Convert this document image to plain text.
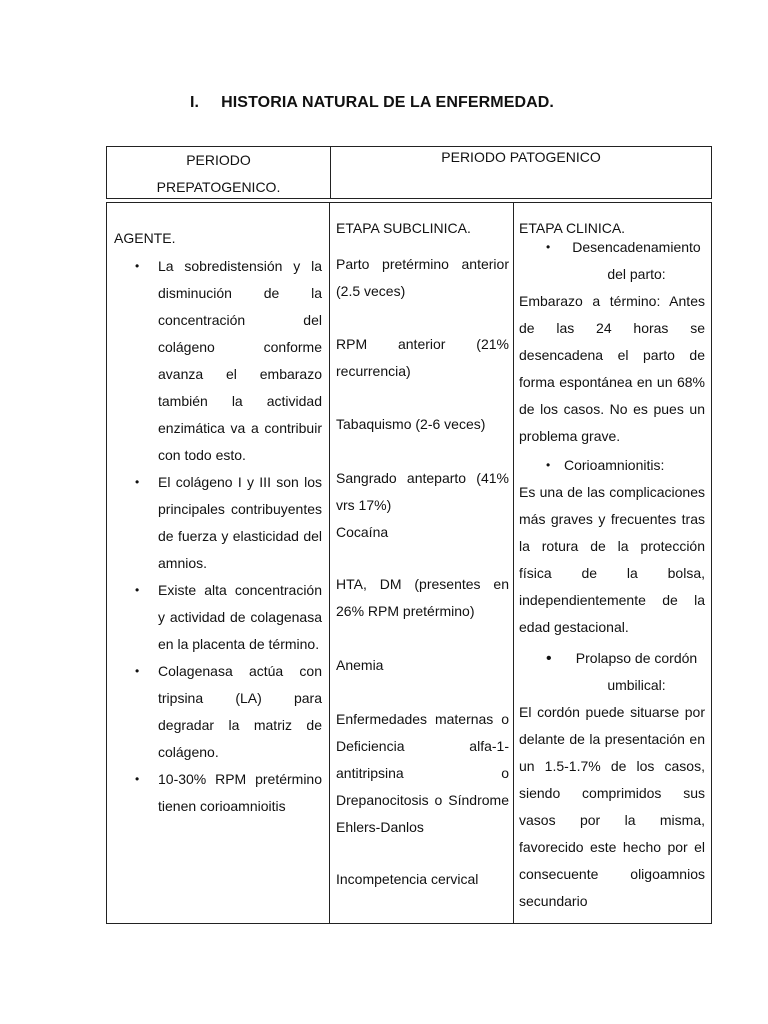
I. HISTORIA NATURAL DE LA ENFERMEDAD.
PERIODO
PREPATOGENICO.
PERIODO PATOGENICO
AGENTE.
• La sobredistensión y la disminución de la concentración del colágeno conforme avanza el embarazo también la actividad enzimática va a contribuir con todo esto.
• El colágeno I y III son los principales contribuyentes de fuerza y elasticidad del amnios.
• Existe alta concentración y actividad de colagenasa en la placenta de término.
• Colagenasa actúa con tripsina (LA) para degradar la matriz de colágeno.
• 10-30% RPM pretérmino tienen corioamnioitis
ETAPA SUBCLINICA.
Parto pretérmino anterior (2.5 veces)
RPM anterior (21% recurrencia)
Tabaquismo (2-6 veces)
Sangrado anteparto (41% vrs 17%)
Cocaína
HTA, DM (presentes en 26% RPM pretérmino)
Anemia
Enfermedades maternas o Deficiencia alfa-1-antitripsina o Drepanocitosis o Síndrome Ehlers-Danlos
Incompetencia cervical
ETAPA CLINICA.
•	Desencadenamiento del parto:
Embarazo a término: Antes de las 24 horas se desencadena el parto de forma espontánea en un 68% de los casos. No es pues un problema grave.
• Corioamnionitis:
Es una de las complicaciones más graves y frecuentes tras la rotura de la protección física de la bolsa, independientemente de la edad gestacional.
•	Prolapso de cordón umbilical:
El cordón puede situarse por delante de la presentación en un 1.5-1.7% de los casos, siendo comprimidos sus vasos por la misma, favorecido este hecho por el consecuente oligoamnios secundario
